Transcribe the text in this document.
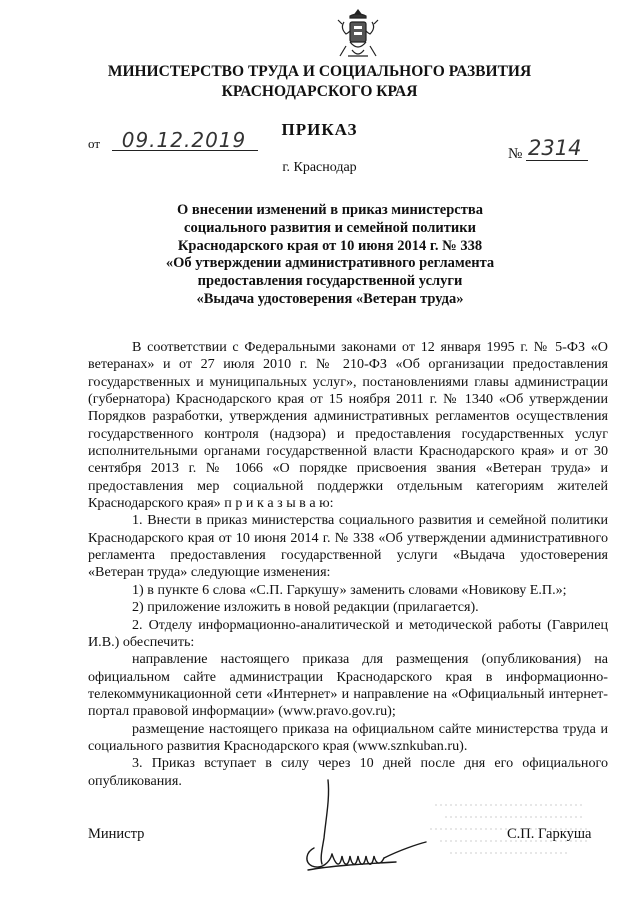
МИНИСТЕРСТВО ТРУДА И СОЦИАЛЬНОГО РАЗВИТИЯ
КРАСНОДАРСКОГО КРАЯ
ПРИКАЗ
от	09.12.2019
№ 2314
г. Краснодар
О внесении изменений в приказ министерства
социального развития и семейной политики
Краснодарского края от 10 июня 2014 г. № 338
«Об утверждении административного регламента
предоставления государственной услуги
«Выдача удостоверения «Ветеран труда»

В соответствии с Федеральными законами от 12 января 1995 г. № 5-ФЗ «О ветеранах» и от 27 июля 2010 г. № 210-ФЗ «Об организации предоставления государственных и муниципальных услуг», постановлениями главы администрации (губернатора) Краснодарского края от 15 ноября 2011 г. № 1340 «Об утверждении Порядков разработки, утверждения административных регламентов осуществления государственного контроля (надзора) и предоставления государственных услуг исполнительными органами государственной власти Краснодарского края» и от 30 сентября 2013 г. № 1066 «О порядке присвоения звания «Ветеран труда» и предоставления мер социальной поддержки отдельным категориям жителей Краснодарского края» п р и к а з ы в а ю:

1. Внести в приказ министерства социального развития и семейной политики Краснодарского края от 10 июня 2014 г. № 338 «Об утверждении административного регламента предоставления государственной услуги «Выдача удостоверения «Ветеран труда» следующие изменения:

1) в пункте 6 слова «С.П. Гаркушу» заменить словами «Новикову Е.П.»;

2) приложение изложить в новой редакции (прилагается).

2. Отделу информационно-аналитической и методической работы (Гаврилец И.В.) обеспечить:

направление настоящего приказа для размещения (опубликования) на официальном сайте администрации Краснодарского края в информационно-телекоммуникационной сети «Интернет» и направление на «Официальный интернет-портал правовой информации» (www.pravo.gov.ru);

размещение настоящего приказа на официальном сайте министерства труда и социального развития Краснодарского края (www.sznkuban.ru).

3. Приказ вступает в силу через 10 дней после дня его официального опубликования.

Министр	С.П. Гаркуша
